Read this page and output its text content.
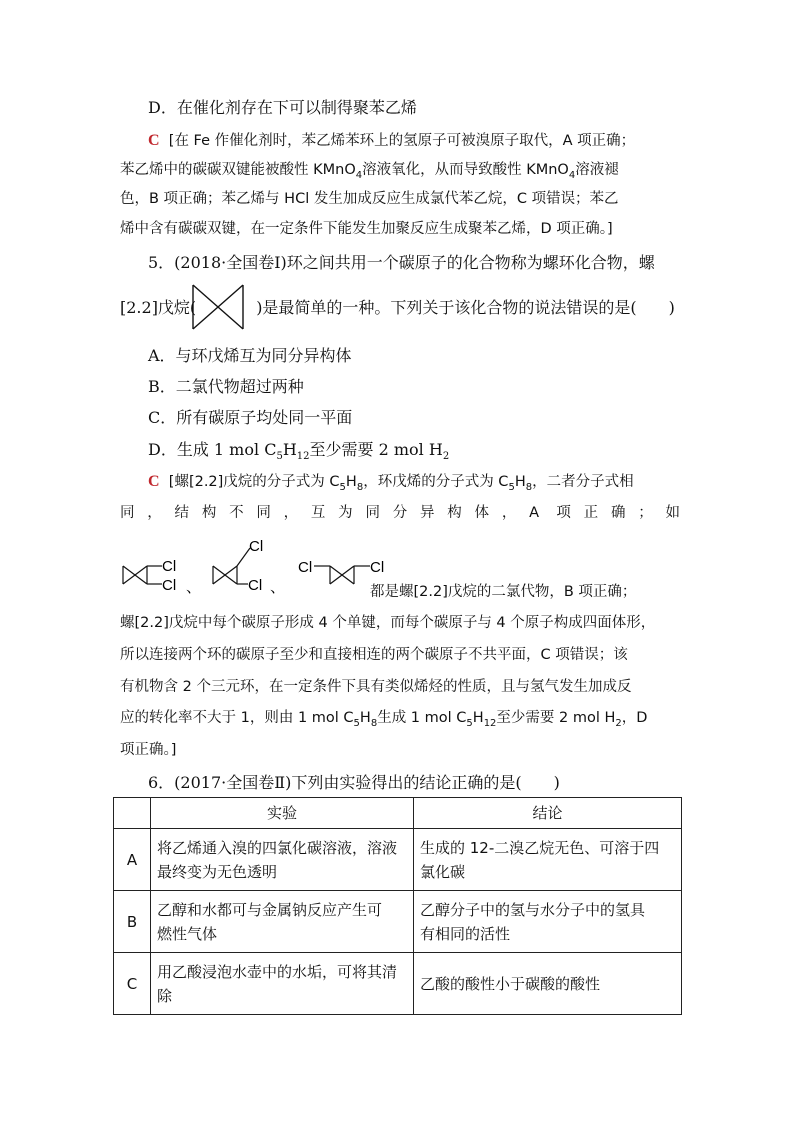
D．在催化剂存在下可以制得聚苯乙烯
C [在 Fe 作催化剂时，苯乙烯苯环上的氢原子可被溴原子取代，A 项正确；
苯乙烯中的碳碳双键能被酸性 KMnO$_4$溶液氧化，从而导致酸性 KMnO$_4$溶液褪
色，B 项正确；苯乙烯与 HCl 发生加成反应生成氯代苯乙烷，C 项错误；苯乙
烯中含有碳碳双键，在一定条件下能发生加聚反应生成聚苯乙烯，D 项正确。]
5．(2018·全国卷Ⅰ)环之间共用一个碳原子的化合物称为螺环化合物，螺
[2.2]戊烷(	)是最简单的一种。下列关于该化合物的说法错误的是(　　)
A．与环戊烯互为同分异构体
B．二氯代物超过两种
C．所有碳原子均处同一平面
D．生成 1 mol $C_5H_{12}$至少需要 2 mol $H_2$
C [螺[2.2]戊烷的分子式为 $C_5H_8$，环戊烯的分子式为 $C_5H_8$，二者分子式相
同，结构不同，互为同分异构体，A 项正确；如
Cl
Cl 、
Cl
Cl 、
Cl	Cl
都是螺[2.2]戊烷的二氯代物，B 项正确；
螺[2.2]戊烷中每个碳原子形成 4 个单键，而每个碳原子与 4 个原子构成四面体形，
所以连接两个环的碳原子至少和直接相连的两个碳原子不共平面，C 项错误；该
有机物含 2 个三元环，在一定条件下具有类似烯烃的性质，且与氢气发生加成反
应的转化率不大于 1，则由 1 mol $C_5H_8$生成 1 mol $C_5H_{12}$至少需要 2 mol $H_2$，D
项正确。]
6．(2017·全国卷Ⅱ)下列由实验得出的结论正确的是(　　)
	实验	结论
A	将乙烯通入溴的四氯化碳溶液，溶液
最终变为无色透明	生成的 12-二溴乙烷无色、可溶于四
氯化碳
B	乙醇和水都可与金属钠反应产生可
燃性气体	乙醇分子中的氢与水分子中的氢具
有相同的活性
C	用乙酸浸泡水壶中的水垢，可将其清
除	乙酸的酸性小于碳酸的酸性
